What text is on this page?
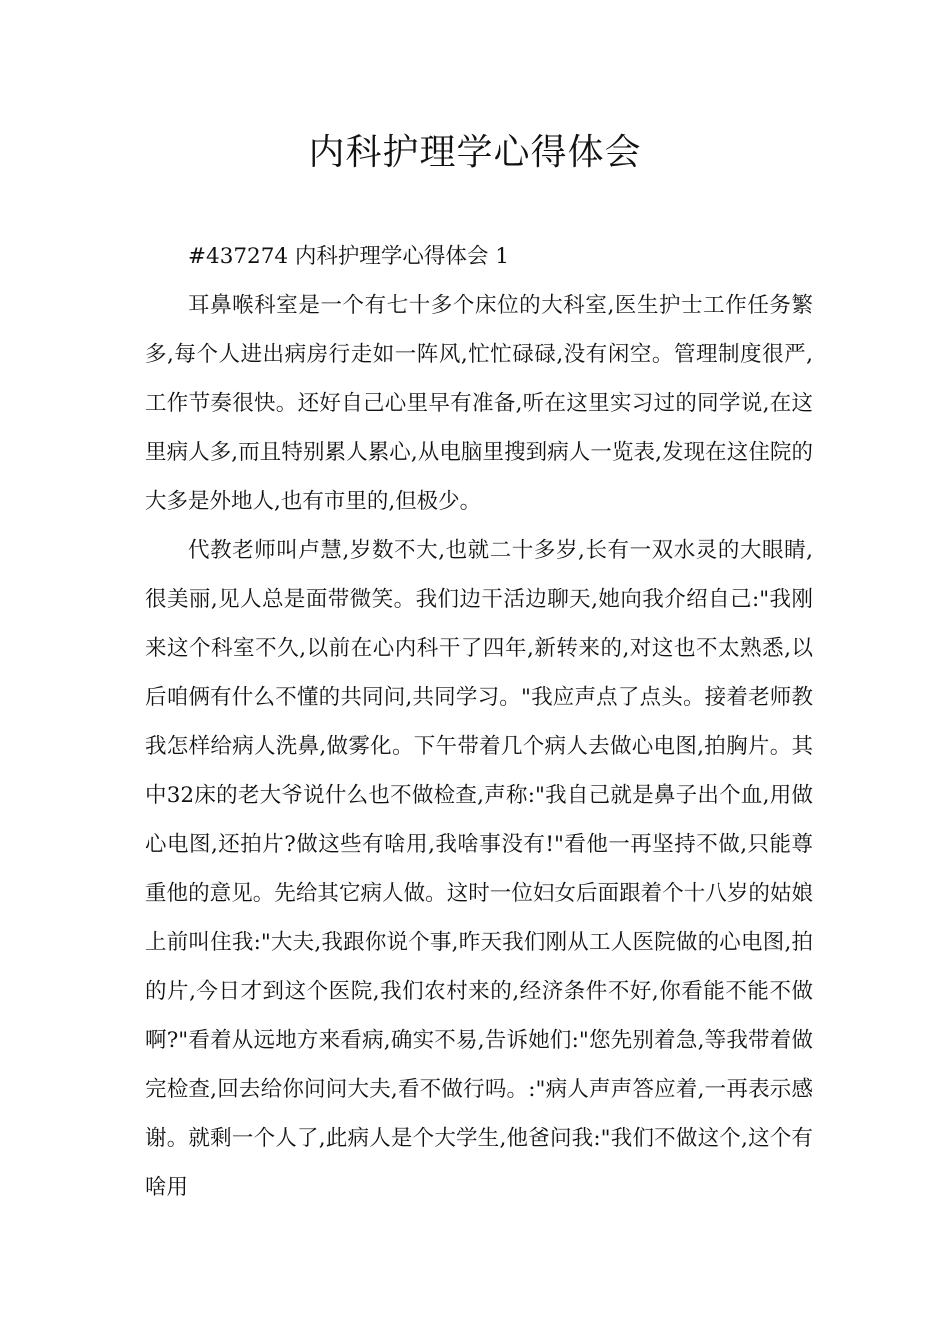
内科护理学心得体会

#437274 内科护理学心得体会 1

耳鼻喉科室是一个有七十多个床位的大科室,医生护士工作任务繁多,每个人进出病房行走如一阵风,忙忙碌碌,没有闲空。管理制度很严,工作节奏很快。还好自己心里早有准备,听在这里实习过的同学说,在这里病人多,而且特别累人累心,从电脑里搜到病人一览表,发现在这住院的大多是外地人,也有市里的,但极少。

代教老师叫卢慧,岁数不大,也就二十多岁,长有一双水灵的大眼睛,很美丽,见人总是面带微笑。我们边干活边聊天,她向我介绍自己:"我刚来这个科室不久,以前在心内科干了四年,新转来的,对这也不太熟悉,以后咱俩有什么不懂的共同问,共同学习。"我应声点了点头。接着老师教我怎样给病人洗鼻,做雾化。下午带着几个病人去做心电图,拍胸片。其中32床的老大爷说什么也不做检查,声称:"我自己就是鼻子出个血,用做心电图,还拍片?做这些有啥用,我啥事没有!"看他一再坚持不做,只能尊重他的意见。先给其它病人做。这时一位妇女后面跟着个十八岁的姑娘上前叫住我:"大夫,我跟你说个事,昨天我们刚从工人医院做的心电图,拍的片,今日才到这个医院,我们农村来的,经济条件不好,你看能不能不做啊?"看着从远地方来看病,确实不易,告诉她们:"您先别着急,等我带着做完检查,回去给你问问大夫,看不做行吗。:"病人声声答应着,一再表示感谢。就剩一个人了,此病人是个大学生,他爸问我:"我们不做这个,这个有啥用
